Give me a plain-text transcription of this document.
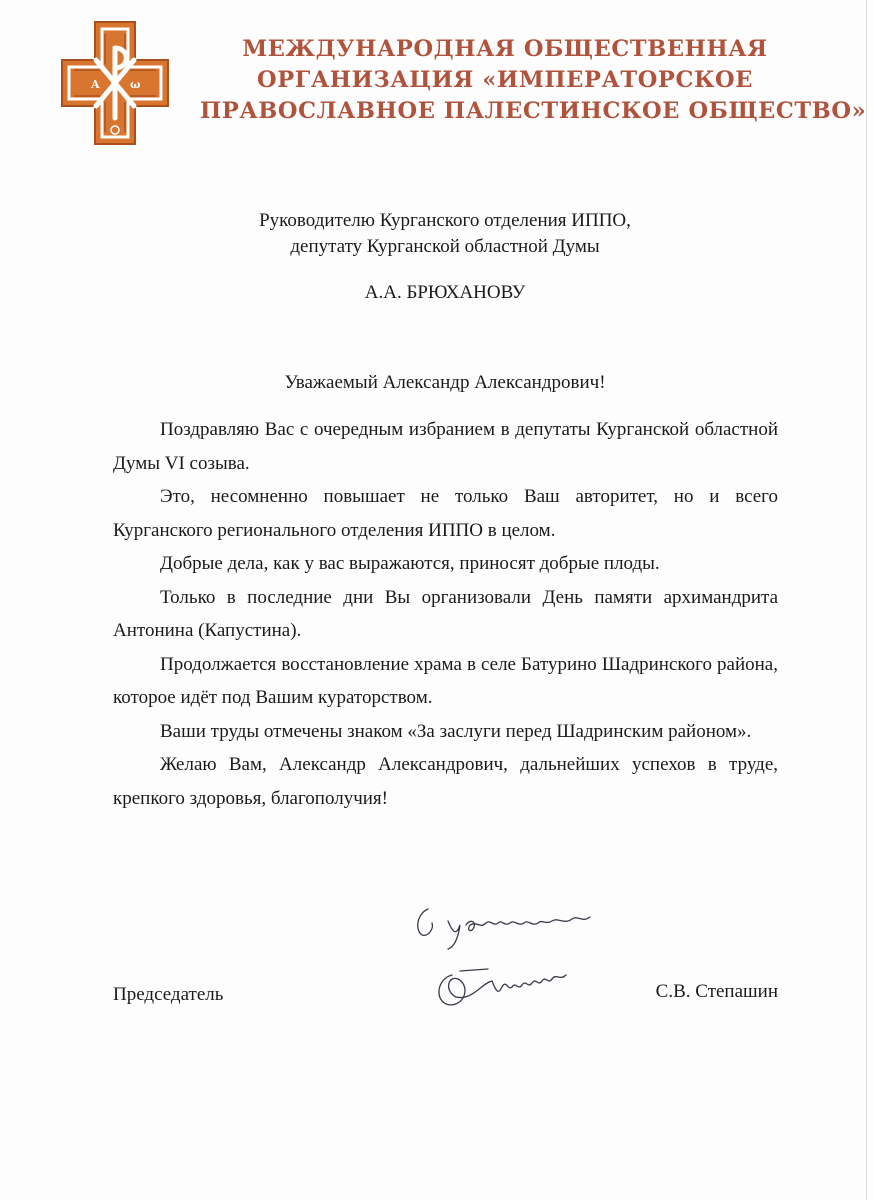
A	ω
МЕЖДУНАРОДНАЯ ОБЩЕСТВЕННАЯ
ОРГАНИЗАЦИЯ «ИМПЕРАТОРСКОЕ
ПРАВОСЛАВНОЕ ПАЛЕСТИНСКОЕ ОБЩЕСТВО»
Руководителю Курганского отделения ИППО,
депутату Курганской областной Думы
А.А. БРЮХАНОВУ
Уважаемый Александр Александрович!

Поздравляю Вас с очередным избранием в депутаты Курганской областной Думы VI созыва.

Это, несомненно повышает не только Ваш авторитет, но и всего Курганского регионального отделения ИППО в целом.

Добрые дела, как у вас выражаются, приносят добрые плоды.

Только в последние дни Вы организовали День памяти архимандрита Антонина (Капустина).

Продолжается восстановление храма в селе Батурино Шадринского района, которое идёт под Вашим кураторством.

Ваши труды отмечены знаком «За заслуги перед Шадринским районом».

Желаю Вам, Александр Александрович, дальнейших успехов в труде, крепкого здоровья, благополучия!

Председатель	С.В. Степашин
